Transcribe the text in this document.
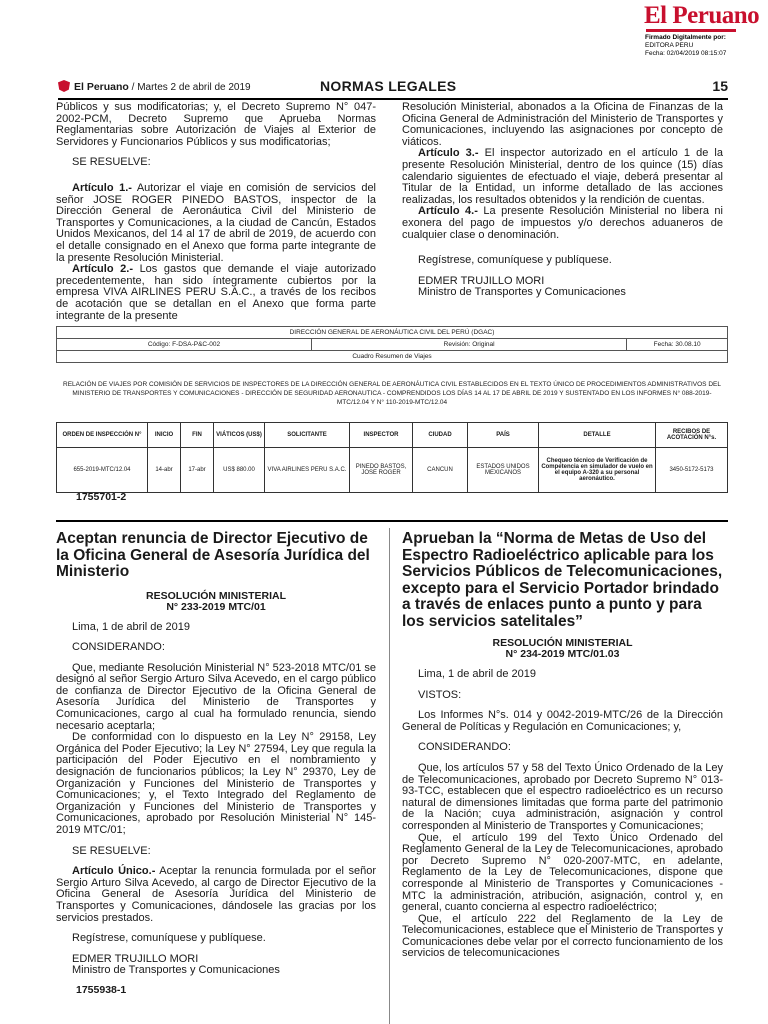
El Peruano
Firmado Digitalmente por:
EDITORA PERU
Fecha: 02/04/2019 08:15:07
El Peruano / Martes 2 de abril de 2019	NORMAS LEGALES	15

Públicos y sus modificatorias; y, el Decreto Supremo N° 047-2002-PCM, Decreto Supremo que Aprueba Normas Reglamentarias sobre Autorización de Viajes al Exterior de Servidores y Funcionarios Públicos y sus modificatorias;

SE RESUELVE:

Artículo 1.- Autorizar el viaje en comisión de servicios del señor JOSE ROGER PINEDO BASTOS, inspector de la Dirección General de Aeronáutica Civil del Ministerio de Transportes y Comunicaciones, a la ciudad de Cancún, Estados Unidos Mexicanos, del 14 al 17 de abril de 2019, de acuerdo con el detalle consignado en el Anexo que forma parte integrante de la presente Resolución Ministerial.

Artículo 2.- Los gastos que demande el viaje autorizado precedentemente, han sido íntegramente cubiertos por la empresa VIVA AIRLINES PERU S.A.C., a través de los recibos de acotación que se detallan en el Anexo que forma parte integrante de la presente

Resolución Ministerial, abonados a la Oficina de Finanzas de la Oficina General de Administración del Ministerio de Transportes y Comunicaciones, incluyendo las asignaciones por concepto de viáticos.

Artículo 3.- El inspector autorizado en el artículo 1 de la presente Resolución Ministerial, dentro de los quince (15) días calendario siguientes de efectuado el viaje, deberá presentar al Titular de la Entidad, un informe detallado de las acciones realizadas, los resultados obtenidos y la rendición de cuentas.

Artículo 4.- La presente Resolución Ministerial no libera ni exonera del pago de impuestos y/o derechos aduaneros de cualquier clase o denominación.

Regístrese, comuníquese y publíquese.

EDMER TRUJILLO MORI

Ministro de Transportes y Comunicaciones

DIRECCIÓN GENERAL DE AERONÁUTICA CIVIL DEL PERÚ (DGAC)
Código: F-DSA-P&C-002	Revisión: Original	Fecha: 30.08.10
Cuadro Resumen de Viajes
RELACIÓN DE VIAJES POR COMISIÓN DE SERVICIOS DE INSPECTORES DE LA DIRECCIÓN GENERAL DE AERONÁUTICA CIVIL ESTABLECIDOS EN EL TEXTO ÚNICO DE PROCEDIMIENTOS ADMINISTRATIVOS DEL MINISTERIO DE TRANSPORTES Y COMUNICACIONES - DIRECCIÓN DE SEGURIDAD AERONAUTICA - COMPRENDIDOS LOS DÍAS 14 AL 17 DE ABRIL DE 2019 Y SUSTENTADO EN LOS INFORMES N° 088-2019-MTC/12.04 Y N° 110-2019-MTC/12.04
ORDEN DE INSPECCIÓN N°	INICIO	FIN	VIÁTICOS (US$)	SOLICITANTE	INSPECTOR	CIUDAD	PAÍS	DETALLE	RECIBOS DE ACOTACIÓN N°s.
655-2019-MTC/12.04	14-abr	17-abr	US$ 880.00	VIVA AIRLINES PERU S.A.C.	PINEDO BASTOS, JOSE ROGER	CANCUN	ESTADOS UNIDOS MEXICANOS	Chequeo técnico de Verificación de Competencia en simulador de vuelo en el equipo A-320 a su personal aeronáutico.	3450-5172-5173
1755701-2

Aceptan renuncia de Director Ejecutivo de la Oficina General de Asesoría Jurídica del Ministerio

RESOLUCIÓN MINISTERIAL

N° 233-2019 MTC/01

Lima, 1 de abril de 2019

CONSIDERANDO:

Que, mediante Resolución Ministerial N° 523-2018 MTC/01 se designó al señor Sergio Arturo Silva Acevedo, en el cargo público de confianza de Director Ejecutivo de la Oficina General de Asesoría Jurídica del Ministerio de Transportes y Comunicaciones, cargo al cual ha formulado renuncia, siendo necesario aceptarla;

De conformidad con lo dispuesto en la Ley N° 29158, Ley Orgánica del Poder Ejecutivo; la Ley N° 27594, Ley que regula la participación del Poder Ejecutivo en el nombramiento y designación de funcionarios públicos; la Ley N° 29370, Ley de Organización y Funciones del Ministerio de Transportes y Comunicaciones; y, el Texto Integrado del Reglamento de Organización y Funciones del Ministerio de Transportes y Comunicaciones, aprobado por Resolución Ministerial N° 145-2019 MTC/01;

SE RESUELVE:

Artículo Único.- Aceptar la renuncia formulada por el señor Sergio Arturo Silva Acevedo, al cargo de Director Ejecutivo de la Oficina General de Asesoría Jurídica del Ministerio de Transportes y Comunicaciones, dándosele las gracias por los servicios prestados.

Regístrese, comuníquese y publíquese.

EDMER TRUJILLO MORI

Ministro de Transportes y Comunicaciones

1755938-1

Aprueban la “Norma de Metas de Uso del Espectro Radioeléctrico aplicable para los Servicios Públicos de Telecomunicaciones, excepto para el Servicio Portador brindado a través de enlaces punto a punto y para los servicios satelitales”

RESOLUCIÓN MINISTERIAL

N° 234-2019 MTC/01.03

Lima, 1 de abril de 2019

VISTOS:

Los Informes N°s. 014 y 0042-2019-MTC/26 de la Dirección General de Políticas y Regulación en Comunicaciones; y,

CONSIDERANDO:

Que, los artículos 57 y 58 del Texto Único Ordenado de la Ley de Telecomunicaciones, aprobado por Decreto Supremo N° 013-93-TCC, establecen que el espectro radioeléctrico es un recurso natural de dimensiones limitadas que forma parte del patrimonio de la Nación; cuya administración, asignación y control corresponden al Ministerio de Transportes y Comunicaciones;

Que, el artículo 199 del Texto Único Ordenado del Reglamento General de la Ley de Telecomunicaciones, aprobado por Decreto Supremo N° 020-2007-MTC, en adelante, Reglamento de la Ley de Telecomunicaciones, dispone que corresponde al Ministerio de Transportes y Comunicaciones - MTC la administración, atribución, asignación, control y, en general, cuanto concierna al espectro radioeléctrico;

Que, el artículo 222 del Reglamento de la Ley de Telecomunicaciones, establece que el Ministerio de Transportes y Comunicaciones debe velar por el correcto funcionamiento de los servicios de telecomunicaciones
